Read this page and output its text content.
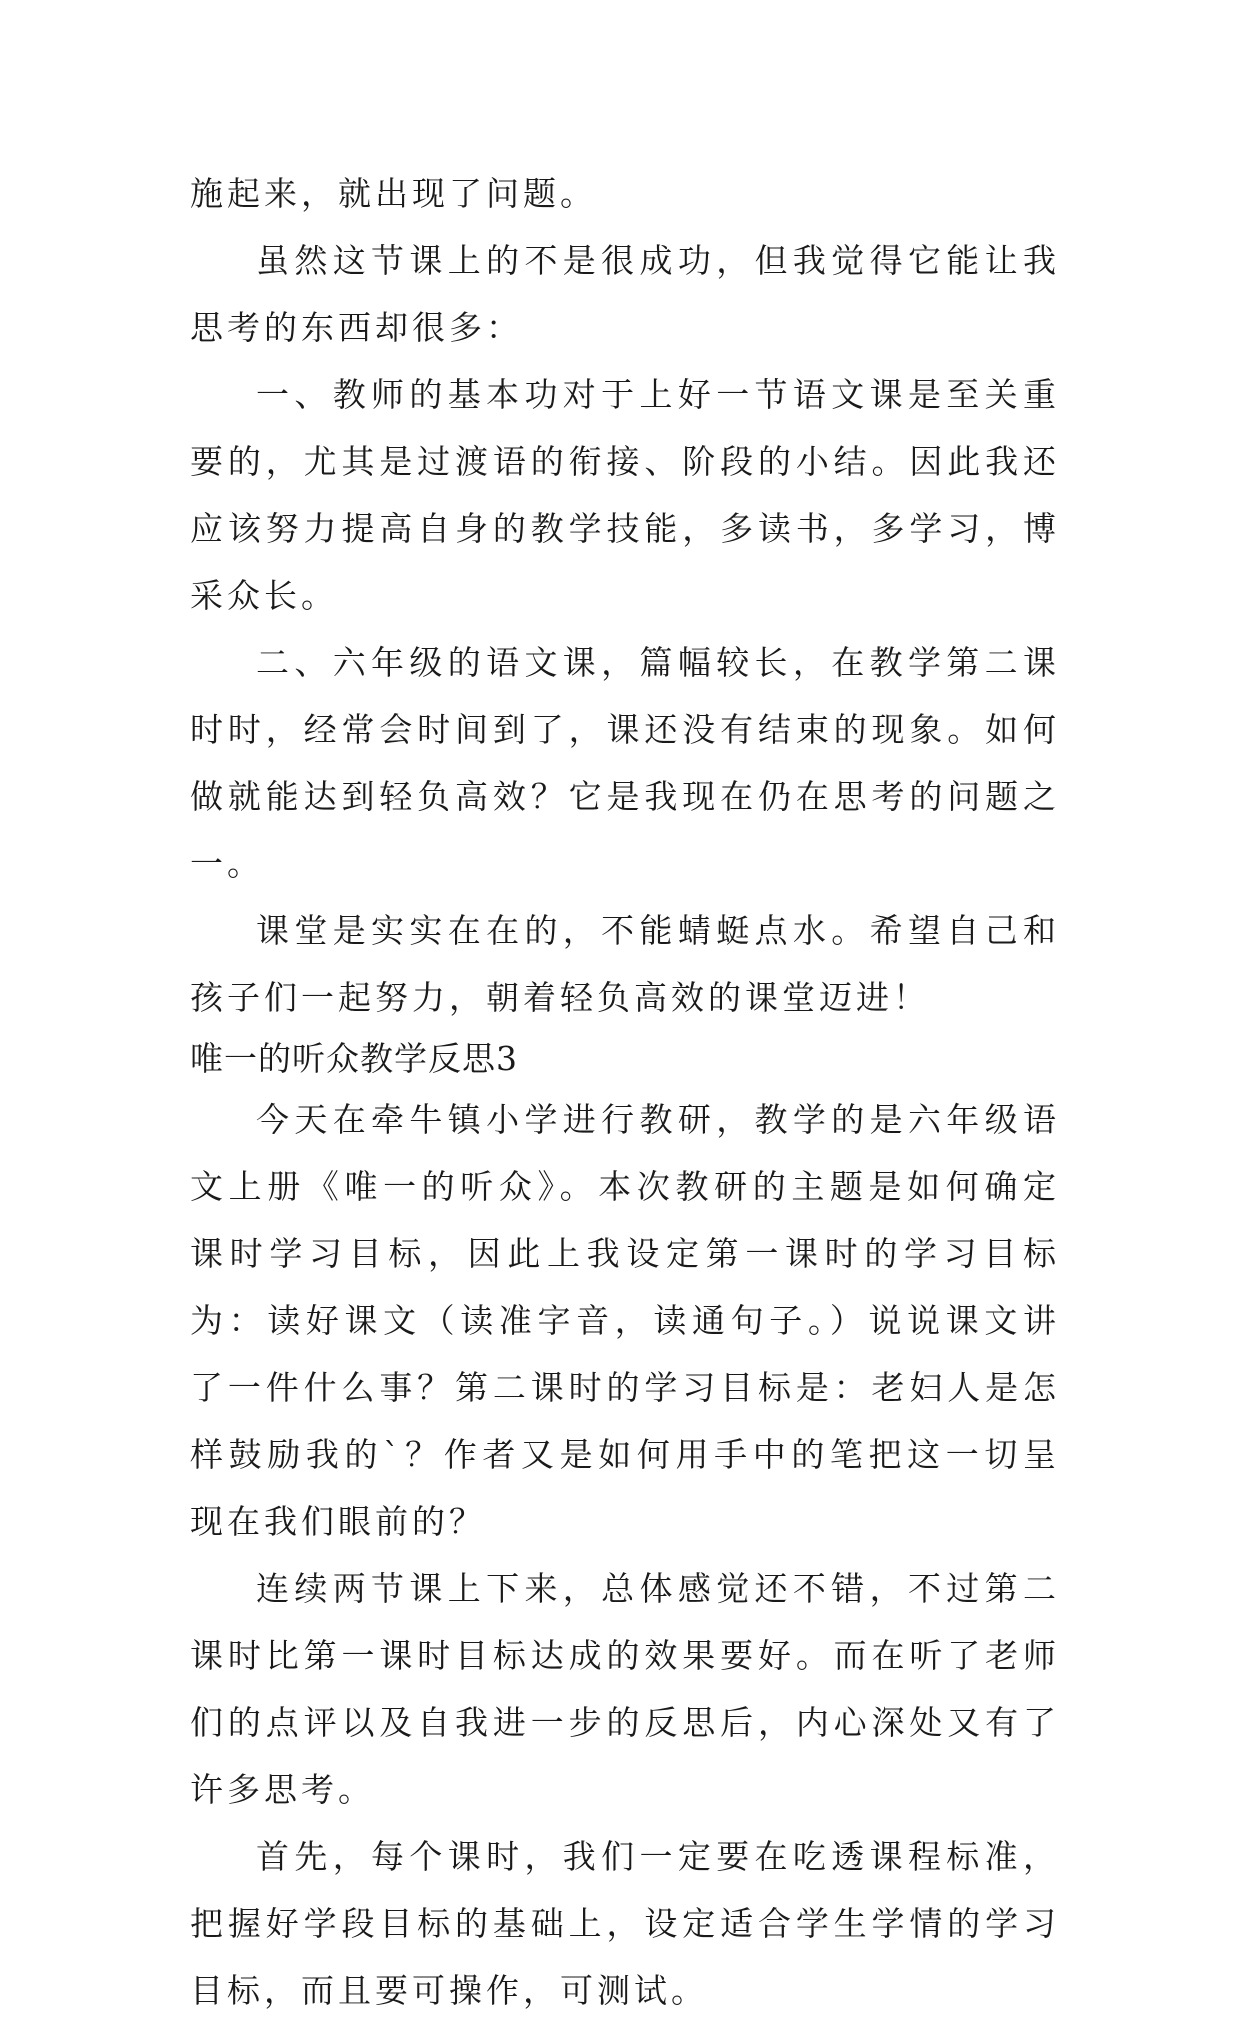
施起来，就出现了问题。

虽然这节课上的不是很成功，但我觉得它能让我思考的东西却很多：

一、教师的基本功对于上好一节语文课是至关重要的，尤其是过渡语的衔接、阶段的小结。因此我还应该努力提高自身的教学技能，多读书，多学习，博采众长。

二、六年级的语文课，篇幅较长，在教学第二课时时，经常会时间到了，课还没有结束的现象。如何做就能达到轻负高效？它是我现在仍在思考的问题之一。

课堂是实实在在的，不能蜻蜓点水。希望自己和孩子们一起努力，朝着轻负高效的课堂迈进！

唯一的听众教学反思3

今天在牵牛镇小学进行教研，教学的是六年级语文上册《唯一的听众》。本次教研的主题是如何确定课时学习目标，因此上我设定第一课时的学习目标为：读好课文（读准字音，读通句子。）说说课文讲了一件什么事？第二课时的学习目标是：老妇人是怎样鼓励我的`？作者又是如何用手中的笔把这一切呈现在我们眼前的？

连续两节课上下来，总体感觉还不错，不过第二课时比第一课时目标达成的效果要好。而在听了老师们的点评以及自我进一步的反思后，内心深处又有了许多思考。

首先，每个课时，我们一定要在吃透课程标准，把握好学段目标的基础上，设定适合学生学情的学习目标，而且要可操作，可测试。
